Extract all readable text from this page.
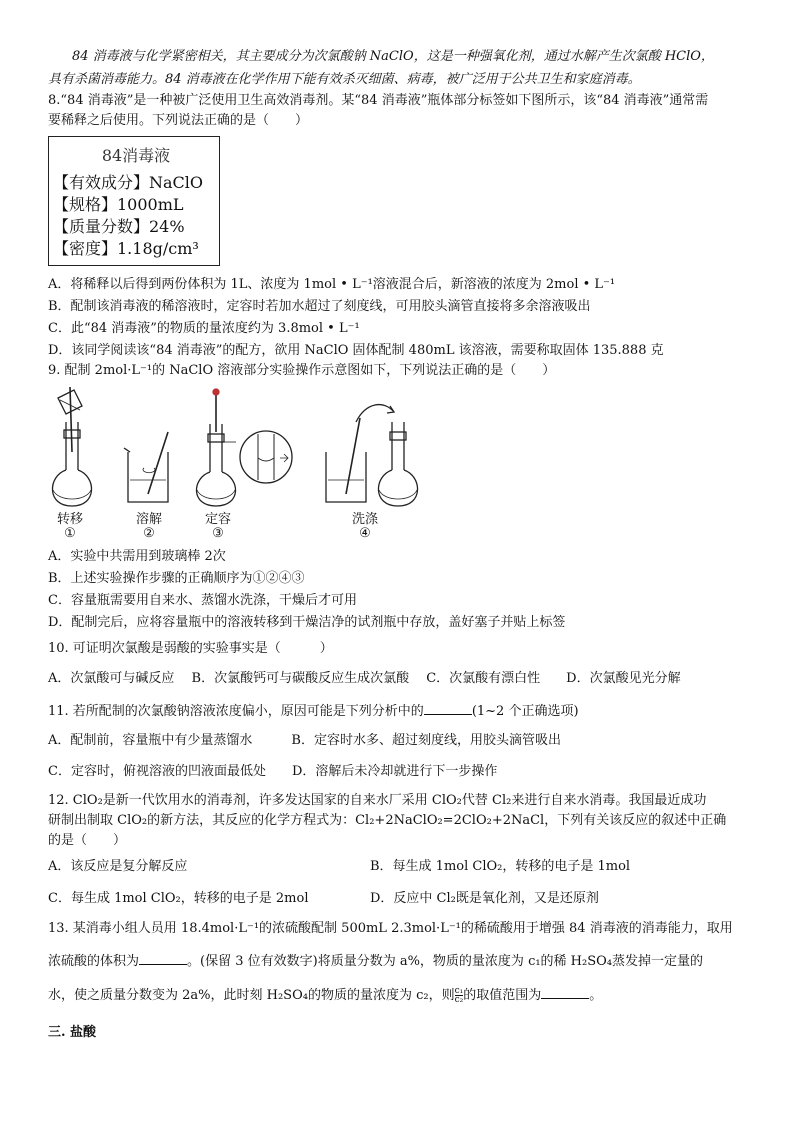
84 消毒液与化学紧密相关，其主要成分为次氯酸钠 NaClO，这是一种强氧化剂，通过水解产生次氯酸 HClO，
具有杀菌消毒能力。84 消毒液在化学作用下能有效杀灭细菌、病毒，被广泛用于公共卫生和家庭消毒。
8.“84 消毒液”是一种被广泛使用卫生高效消毒剂。某“84 消毒液”瓶体部分标签如下图所示，该“84 消毒液”通常需
要稀释之后使用。下列说法正确的是（　　）
84消毒液
【有效成分】NaClO
【规格】1000mL
【质量分数】24%
【密度】1.18g/cm³
A．将稀释以后得到两份体积为 1L、浓度为 1mol • L⁻¹溶液混合后，新溶液的浓度为 2mol • L⁻¹
B．配制该消毒液的稀溶液时，定容时若加水超过了刻度线，可用胶头滴管直接将多余溶液吸出
C．此“84 消毒液”的物质的量浓度约为 3.8mol • L⁻¹
D．该同学阅读该“84 消毒液”的配方，欲用 NaClO 固体配制 480mL 该溶液，需要称取固体 135.888 克
9. 配制 2mol·L⁻¹的 NaClO 溶液部分实验操作示意图如下，下列说法正确的是（　　）
转移
①
溶解
②
定容
③
洗涤
④
A．实验中共需用到玻璃棒 2次
B．上述实验操作步骤的正确顺序为①②④③
C．容量瓶需要用自来水、蒸馏水洗涤，干燥后才可用
D．配制完后，应将容量瓶中的溶液转移到干燥洁净的试剂瓶中存放，盖好塞子并贴上标签
10. 可证明次氯酸是弱酸的实验事实是（　　　）
A．次氯酸可与碱反应　 B．次氯酸钙可与碳酸反应生成次氯酸　 C．次氯酸有漂白性　　D．次氯酸见光分解
11. 若所配制的次氯酸钠溶液浓度偏小，原因可能是下列分析中的	(1~2 个正确选项)
A．配制前，容量瓶中有少量蒸馏水　　　B．定容时水多、超过刻度线，用胶头滴管吸出
C．定容时，俯视溶液的凹液面最低处　　D．溶解后未冷却就进行下一步操作
12. ClO₂是新一代饮用水的消毒剂，许多发达国家的自来水厂采用 ClO₂代替 Cl₂来进行自来水消毒。我国最近成功
研制出制取 ClO₂的新方法，其反应的化学方程式为：Cl₂+2NaClO₂=2ClO₂+2NaCl，下列有关该反应的叙述中正确
的是（　　）
A．该反应是复分解反应	B．每生成 1mol ClO₂，转移的电子是 1mol
C．每生成 1mol ClO₂，转移的电子是 2mol	D．反应中 Cl₂既是氧化剂，又是还原剂
13. 某消毒小组人员用 18.4mol·L⁻¹的浓硫酸配制 500mL 2.3mol·L⁻¹的稀硫酸用于增强 84 消毒液的消毒能力，取用
浓硫酸的体积为	。(保留 3 位有效数字)将质量分数为 a%，物质的量浓度为 c₁的稀 H₂SO₄蒸发掉一定量的
水，使之质量分数变为 2a%，此时刻 H₂SO₄的物质的量浓度为 c₂，则 $\frac{\text{c₁}}{\text{c₂}}$ 的取值范围为	。
三. 盐酸
